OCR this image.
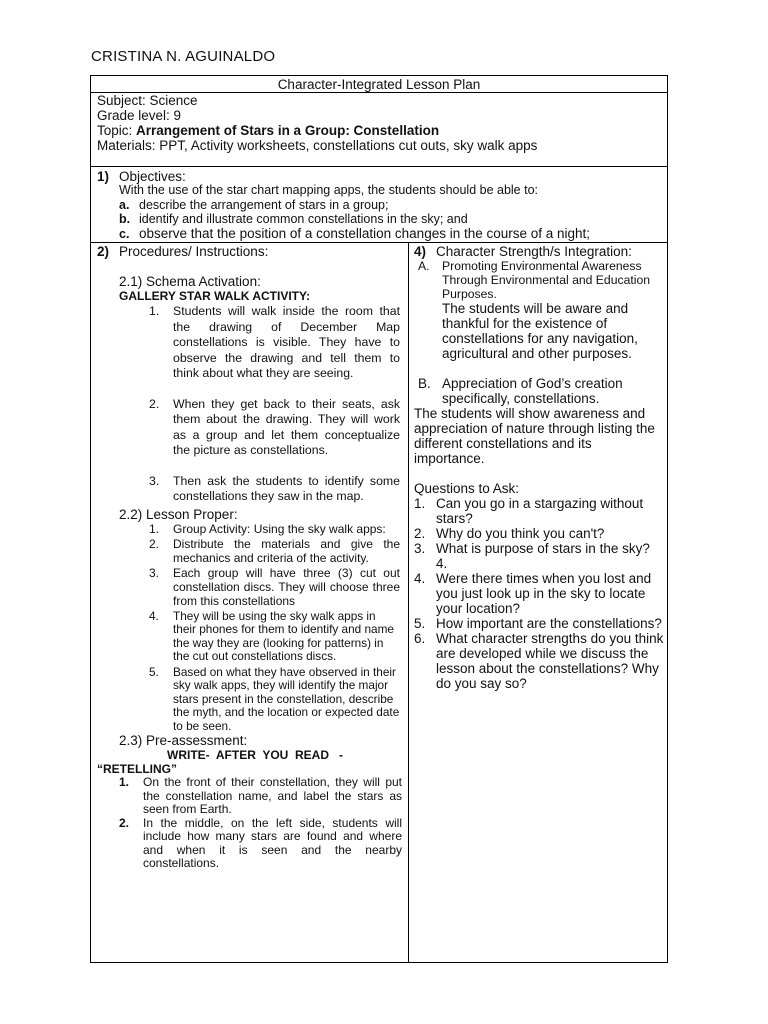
CRISTINA N. AGUINALDO
Character-Integrated Lesson Plan
Subject: Science
Grade level: 9
Topic: Arrangement of Stars in a Group: Constellation
Materials: PPT, Activity worksheets, constellations cut outs, sky walk apps
1) Objectives:
With the use of the star chart mapping apps, the students should be able to:
a. describe the arrangement of stars in a group;
b. identify and illustrate common constellations in the sky; and
c. observe that the position of a constellation changes in the course of a night;
2) Procedures/ Instructions:
2.1) Schema Activation:
GALLERY STAR WALK ACTIVITY:
1. Students will walk inside the room that the drawing of December Map constellations is visible. They have to observe the drawing and tell them to think about what they are seeing.
2. When they get back to their seats, ask them about the drawing. They will work as a group and let them conceptualize the picture as constellations.
3. Then ask the students to identify some constellations they saw in the map.
2.2) Lesson Proper:
1. Group Activity: Using the sky walk apps:
2. Distribute the materials and give the mechanics and criteria of the activity.
3. Each group will have three (3) cut out constellation discs. They will choose three from this constellations
4. They will be using the sky walk apps in their phones for them to identify and name the way they are (looking for patterns) in the cut out constellations discs.
5. Based on what they have observed in their sky walk apps, they will identify the major stars present in the constellation, describe the myth, and the location or expected date to be seen.
2.3) Pre-assessment:
WRITE-  AFTER  YOU  READ   -
“RETELLING”
1. On the front of their constellation, they will put the constellation name, and label the stars as seen from Earth.
2. In the middle, on the left side, students will include how many stars are found and where and when it is seen and the nearby constellations.
4) Character Strength/s Integration:
A. Promoting Environmental Awareness Through Environmental and Education Purposes.
The students will be aware and thankful for the existence of constellations for any navigation, agricultural and other purposes.
B. Appreciation of God’s creation specifically, constellations.
The students will show awareness and appreciation of nature through listing the different constellations and its importance.
Questions to Ask:
1. Can you go in a stargazing without stars?
2. Why do you think you can't?
3. What is purpose of stars in the sky? 4.
4. Were there times when you lost and you just look up in the sky to locate your location?
5. How important are the constellations?
6. What character strengths do you think are developed while we discuss the lesson about the constellations? Why do you say so?
